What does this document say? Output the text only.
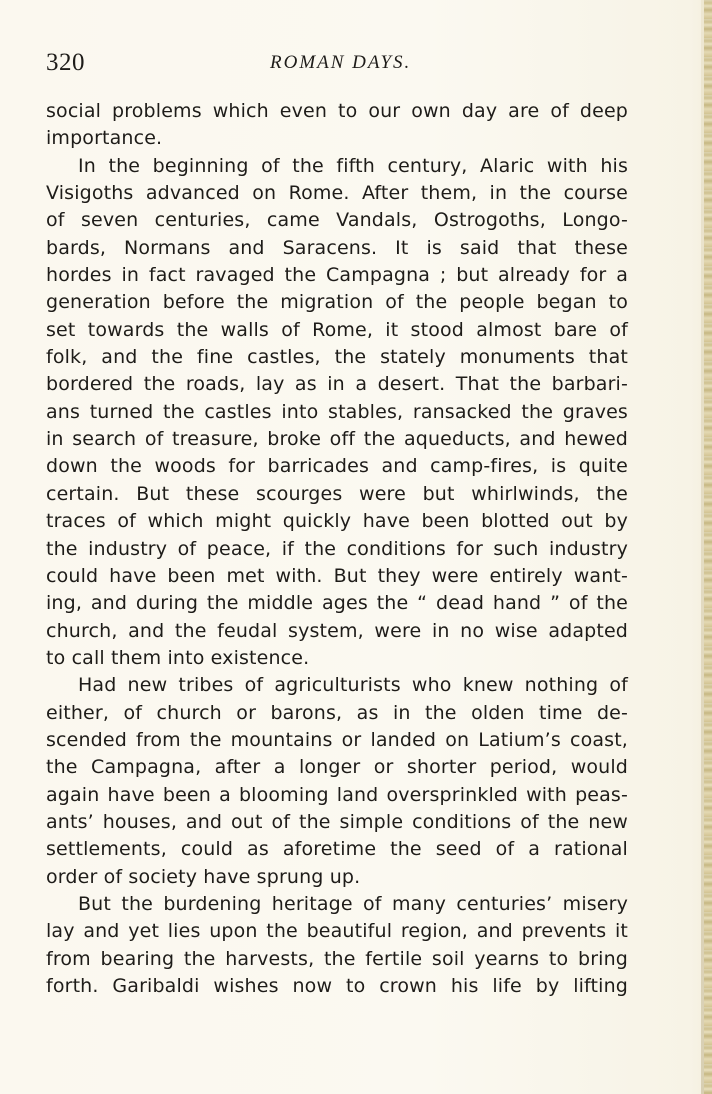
320	ROMAN DAYS.
social problems which even to our own day are of deep
importance.
In the beginning of the fifth century, Alaric with his
Visigoths advanced on Rome. After them, in the course
of seven centuries, came Vandals, Ostrogoths, Longo-
bards, Normans and Saracens. It is said that these
hordes in fact ravaged the Campagna ; but already for a
generation before the migration of the people began to
set towards the walls of Rome, it stood almost bare of
folk, and the fine castles, the stately monuments that
bordered the roads, lay as in a desert. That the barbari-
ans turned the castles into stables, ransacked the graves
in search of treasure, broke off the aqueducts, and hewed
down the woods for barricades and camp-fires, is quite
certain. But these scourges were but whirlwinds, the
traces of which might quickly have been blotted out by
the industry of peace, if the conditions for such industry
could have been met with. But they were entirely want-
ing, and during the middle ages the “ dead hand ” of the
church, and the feudal system, were in no wise adapted
to call them into existence.
Had new tribes of agriculturists who knew nothing of
either, of church or barons, as in the olden time de-
scended from the mountains or landed on Latium’s coast,
the Campagna, after a longer or shorter period, would
again have been a blooming land oversprinkled with peas-
ants’ houses, and out of the simple conditions of the new
settlements, could as aforetime the seed of a rational
order of society have sprung up.
But the burdening heritage of many centuries’ misery
lay and yet lies upon the beautiful region, and prevents it
from bearing the harvests, the fertile soil yearns to bring
forth. Garibaldi wishes now to crown his life by lifting
